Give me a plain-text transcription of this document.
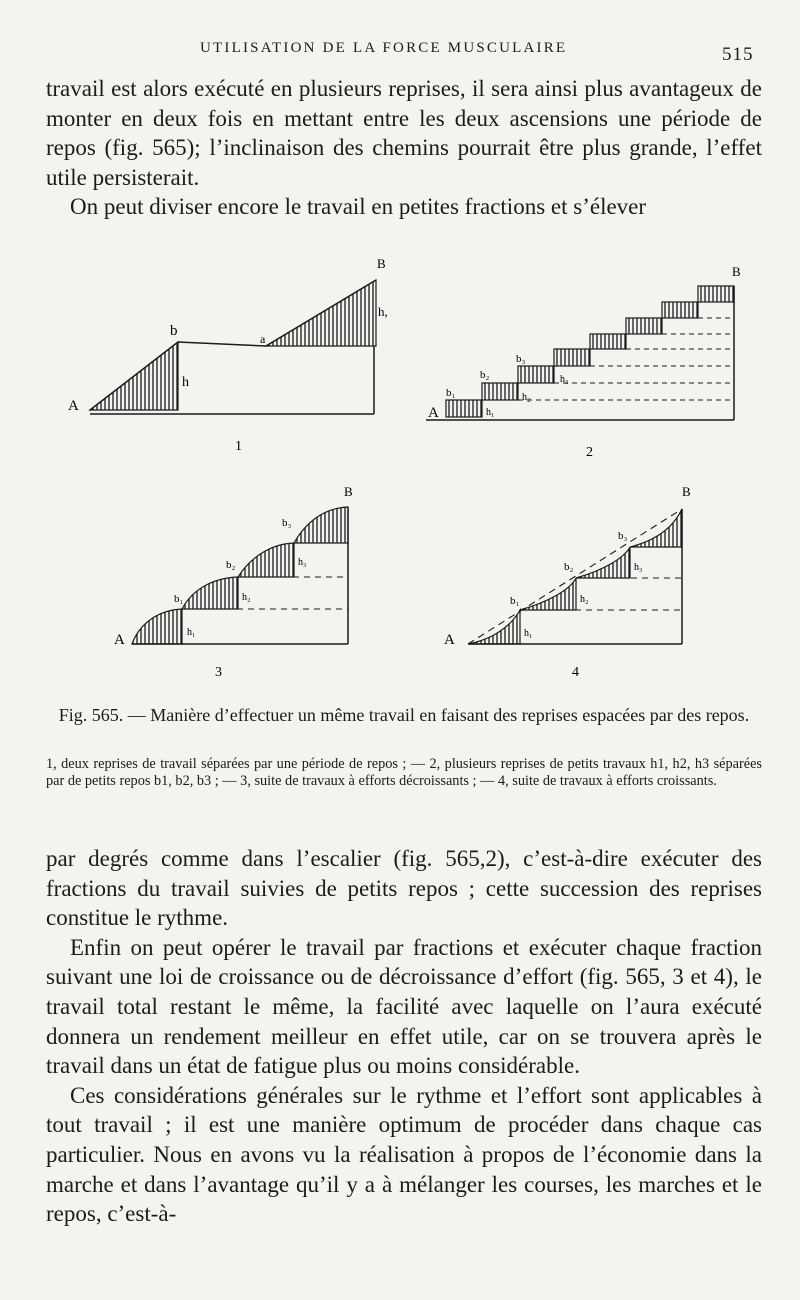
UTILISATION DE LA FORCE MUSCULAIRE	515

travail est alors exécuté en plusieurs reprises, il sera ainsi plus avantageux de monter en deux fois en mettant entre les deux ascensions une période de repos (fig. 565); l’inclinaison des chemins pourrait être plus grande, l’effet utile persisterait.

On peut diviser encore le travail en petites fractions et s’élever

A
b	a
B
h
h,
1
A
B
b₁
b₂
b₃
h₁
h₂
h₃
2
A
B
b₁
b₂
b₃
h₁
h₂
h₃
3
A
B
b₁
b₂
b₃
h₁
h₂
h₃
4
Fig. 565. — Manière d’effectuer un même travail en faisant des reprises espacées par des repos.
1, deux reprises de travail séparées par une période de repos ; — 2, plusieurs reprises de petits travaux h1, h2, h3 séparées par de petits repos b1, b2, b3 ; — 3, suite de travaux à efforts décroissants ; — 4, suite de travaux à efforts croissants.

par degrés comme dans l’escalier (fig. 565,2), c’est-à-dire exécuter des fractions du travail suivies de petits repos ; cette succession des reprises constitue le rythme.

Enfin on peut opérer le travail par fractions et exécuter chaque fraction suivant une loi de croissance ou de décroissance d’effort (fig. 565, 3 et 4), le travail total restant le même, la facilité avec laquelle on l’aura exécuté donnera un rendement meilleur en effet utile, car on se trouvera après le travail dans un état de fatigue plus ou moins considérable.

Ces considérations générales sur le rythme et l’effort sont applicables à tout travail ; il est une manière optimum de procéder dans chaque cas particulier. Nous en avons vu la réalisation à propos de l’économie dans la marche et dans l’avantage qu’il y a à mélanger les courses, les marches et le repos, c’est-à-
